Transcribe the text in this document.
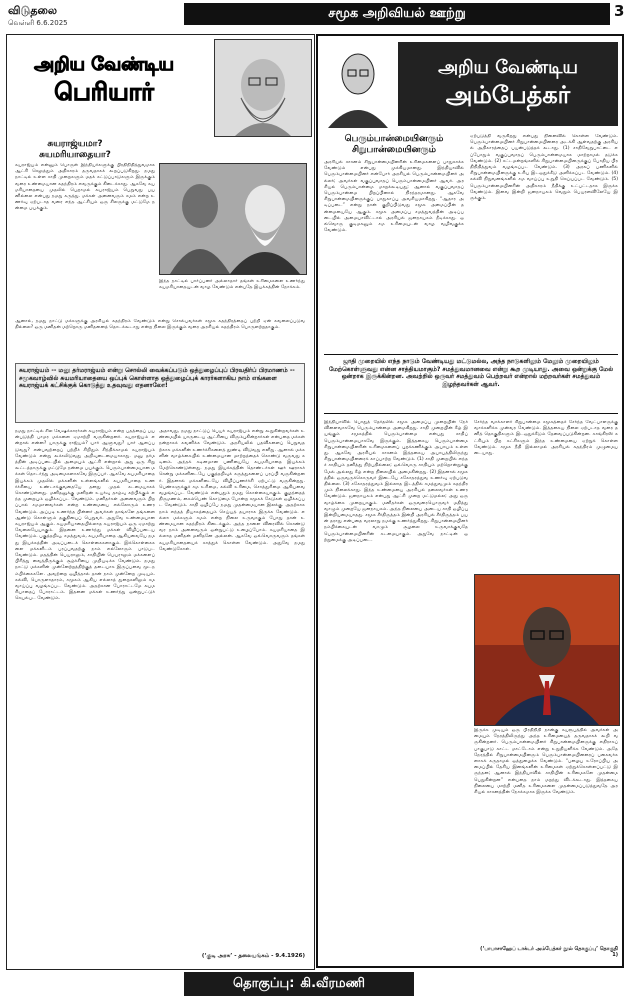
விடுதலை
வெள்ளி 6.6.2025
சமூக அறிவியல் ஊற்று	3
அறிய வேண்டிய
பெரியார்
சுயராஜ்யமா? சுயமரியாதையா?
சுயராஜ்யம் என்னும் பொருள் இந்தியர்களுக்கு பிரதிநிதித்துவமாக ஆட்சி செலுத்தும் அதிகாரம் தருவதாகக் கூறப்படுகிறது. நமது நாட்டில் உள்ள சாதி முறைகளும் மதக் கட்டுப்பாடுகளும் இருக்கும் வரை உண்மையான சுதந்திரம் எவருக்கும் கிடைக்காது. ஆகவே சுயமரியாதையை முதலில் பெறாமல் சுயராஜ்யம் பெறுவது பயனில்லை என்பது நமது கருத்து. மக்கள் அனைவரும் சமம் என்ற உணர்வு ஏற்படாத வரை எந்த ஆட்சியும் ஒரு சிலருக்கு மட்டுமே நன்மை பயக்கும்.
இந்த நாட்டில் பார்ப்பனர் அல்லாதார் தங்கள் உரிமைகளை உணர்ந்து சுயமரியாதையுடன் வாழ வேண்டும் என்பதே இயக்கத்தின் நோக்கம்.
ஆனால், நமது நாட்டு மக்களுக்கு அரசியல் சுதந்திரம் வேண்டும் என்று சொல்பவர்கள் சமூக சுதந்திரத்தைப் பற்றி ஏன் கவலைப்படுவதில்லை? ஒரு மனிதன் மற்றொரு மனிதனைத் தொடக்கூடாது என்ற நிலை இருக்கும் வரை அரசியல் சுதந்திரம் பொருளற்றதாகும்.
சுயராஜ்யம் -- மனு தர்மராஜ்யம் என்று சொல்லி வைக்கப்படும் ஒத்துழைப்புப் பிரவதிர்ப் பிரமாணம் -- சமூகவாழ்வில் சுயமரியாதையை ஒப்புக் கொள்ளாத ஒத்துழைப்புக் காரர்களாகிய நாம் எங்களை சுயராஜ்யக் கட்சிக்குக் கொடுத்து உதவுவது எதனாலோ!
நமது நாட்டில் சில வேஷக்காரர்கள் சுயராஜ்யம் என்ற பதத்தைப் பயன்படுத்தி பாமர மக்களை ஏமாற்றி வருகின்றனர். சுயராஜ்யம் என்றால் என்ன? யாருக்கு ராஜ்யம்? யார் ஆளுவது? யார் ஆளப்படுவது? என்பவற்றைப் பற்றிச் சிறிதும் சிந்திக்காமல் சுயராஜ்யம் வேண்டும் என்று கூச்சலிடுவது அறிவுடைமையாகாது. மனு தர்மத்தின் அடிப்படையில் அமையும் ஆட்சி என்றால் அது ஒரு சிறு கூட்டத்தாருக்கு மட்டுமே நன்மை பயக்கும். பெரும்பான்மையான மக்கள் தொடர்ந்து அடிமைகளாகவே இருப்பர். ஆகவே சுயமரியாதை இயக்கம் முதலில் மக்களின் உள்ளங்களில் சுயமரியாதை உணர்ச்சியை உண்டாக்குவதையே தனது முதல் கடமையாகக் கொண்டுள்ளது. மனிதனுக்கு மனிதன் உயர்வு தாழ்வு கற்பிக்கும் எந்த முறையும் ஒழிக்கப்பட வேண்டும். மனிதர்கள் அனைவரும் பிறப்பால் சமமானவர்கள் என்ற உண்மையை எல்லோரும் உணர வேண்டும். அப்படி உணர்ந்த பின்னர் அவர்கள் தாங்களே தங்களை ஆண்டு கொள்ளும் தகுதியைப் பெறுவர். அதுவே உண்மையான சுயராஜ்யம் ஆகும். சுயமரியாதையில்லாத சுயராஜ்யம் ஒரு ஏமாற்று வேலையேயாகும். இதனை உணர்ந்து மக்கள் விழிப்படைய வேண்டும். பகுத்தறிவு, சமத்துவம், சுயமரியாதை ஆகியவையே நமது இயக்கத்தின் அடிப்படைக் கொள்கைகளாகும். இக்கொள்கைகளை மக்களிடம் பரப்புவதற்கு நாம் எல்லோரும் பாடுபட வேண்டும். மதத்தின் பெயராலும், சாதியின் பெயராலும் மக்களைப் பிரித்து வைத்திருக்கும் சூழ்ச்சியை முறியடிக்க வேண்டும். நமது நாட்டு மக்களின் முன்னேற்றத்திற்குத் தடையாக இருப்பவை மூடநம்பிக்கைகளே. அவற்றை ஒழித்தால் தான் நாம் முன்னேற முடியும். கல்வி, பொருளாதாரம், சமூகம் ஆகிய எல்லாத் துறைகளிலும் சம வாய்ப்பு வழங்கப்பட வேண்டும். அதற்கான போராட்டமே சுயமரியாதைப் போராட்டம். இதனை மக்கள் உணர்ந்து ஒன்றுபட்டுச் செயல்பட வேண்டும்.
அதாவது, நமது நாட்டுப் பெயர் சுயராஜ்யம் என்று கூறுகின்றவர்கள் உண்மையில் யாருடைய ஆட்சியை விரும்புகின்றார்கள் என்பதை மக்கள் நன்றாகக் கவனிக்க வேண்டும். அரசியலில் பதவிகளைப் பெறுவதற்காக மக்களின் உணர்ச்சிகளைத் தூண்டி விடுவது எளிது. ஆனால் மக்களின் வாழ்க்கையில் உண்மையான மாற்றத்தைக் கொண்டு வருவது கடினம். அந்தக் கடினமான பணியையே சுயமரியாதை இயக்கம் மேற்கொண்டுள்ளது. நமது இயக்கத்தின் தொண்டர்கள் ஊர் ஊராகச் சென்று மக்களிடையே பகுத்தறிவுக் கருத்துகளைப் பரப்பி வருகின்றனர். இதனால் மக்களிடையே விழிப்புணர்ச்சி ஏற்பட்டு வருகின்றது. பெண்களுக்குச் சம உரிமை, கல்வி உரிமை, சொத்துரிமை ஆகியவை வழங்கப்பட வேண்டும் என்பதும் நமது கொள்கையாகும். குழந்தைத் திருமணம், கைம்பெண் கொடுமை போன்ற சமூகக் கேடுகள் ஒழிக்கப்பட வேண்டும். சாதி ஒழிப்பே நமது முதன்மையான இலக்கு. அதற்காக நாம் எந்தத் தியாகத்தையும் செய்யத் தயாராக இருக்க வேண்டும். எல்லா மக்களும் சமம் என்ற நிலை உருவாகும் போது தான் உண்மையான சுதந்திரம் கிடைக்கும். அந்த நாளை விரைவில் கொண்டு வர நாம் அனைவரும் ஒன்றுபட்டு உழைப்போம். சுயமரியாதை இல்லாத மனிதன் மனிதனே அல்லன். ஆகவே ஒவ்வொருவரும் தங்கள் சுயமரியாதையைக் காத்துக் கொள்ள வேண்டும். அதுவே நமது வேண்டுகோள்.
(‘குடி அரசு’ - தலையங்கம் - 9.4.1926)
அறிய வேண்டிய
அம்பேத்கர்
பெரும்பான்மையினரும்
சிறுபான்மையினரும்
அரசியல் சாசனம் சிறுபான்மையினரின் உரிமைகளைப் பாதுகாக்க வேண்டும் என்பது முக்கியமானது. இந்தியாவில் பெரும்பான்மையினர் என்போர் அரசியல் பெரும்பான்மையினர் அல்லர்; அவர்கள் வகுப்புவாதப் பெரும்பான்மையினர் ஆவர். அரசியல் பெரும்பான்மை மாறக்கூடியது; ஆனால் வகுப்புவாதப் பெரும்பான்மை பிறப்பினால் நிரந்தரமானது. ஆகவே சிறுபான்மையினருக்குப் பாதுகாப்பு அவசியமாகிறது. “ஆதார அடிப்படை” என்று நான் குறிப்பிடுவது சமூக அமைப்பின் தன்மையையே ஆகும். சமூக அமைப்பு சமத்துவத்தின் அடிப்படையில் அமையாவிட்டால் அரசியல் ஜனநாயகம் நீடிக்காது. ஒவ்வொரு குடிமகனும் சம உரிமையுடன் வாழ வழிவகுக்க வேண்டும்.
ஏற்படுத்தி வருகிறது என்பது நினைவில் கொள்ள வேண்டும். பெரும்பான்மையினர் சிறுபான்மையினரை அடக்கி ஆள்வதற்கு அரசியல் அதிகாரத்தைப் பயன்படுத்தக் கூடாது. (1) சாதிவேறுபாட்டை எப்போதும் வகுப்புவாதப் பெரும்பான்மையாக மாற்றாமல் தடுக்க வேண்டும். (2) சட்டமன்றங்களில் சிறுபான்மையினருக்குப் போதிய பிரதிநிதித்துவம் வழங்கப்பட வேண்டும். (3) அரசுப் பணிகளில் சிறுபான்மையினருக்கு உரிய இடஒதுக்கீடு அளிக்கப்பட வேண்டும். (4) கல்வி நிறுவனங்களில் சம வாய்ப்பு உறுதி செய்யப்பட வேண்டும். (5) பெரும்பான்மையினரின் அதிகாரம் நீதிக்கு உட்பட்டதாக இருக்க வேண்டும். இவை இன்றி ஜனநாயகம் வெறும் பெயரளவிலேயே இருக்கும்.
ஜாதி முறையில் எந்த நாடும் வேண்டியது மட்டுமல்ல, அந்த நாடுகளிலும் மேலும் முறையிலும் மேற்கொள்ளுவது என்ன சாத்தியமாகும்? சமத்துவமானவை என்று கூற முடியாது. அவை ஒன்றுக்கு மேல் ஒன்றாக இருக்கின்றன. அவற்றில் ஒருவர் சமத்துவம் பெற்றவர் என்றால் மற்றவர்கள் சமத்துவம் இழந்தவர்கள் ஆவர்.
இந்தியாவில் பொதுத் தேர்தலில் சமூக அமைப்பு முறையின் நேர் விளைவாகவே பெரும்பான்மை அமைகிறது. சாதி முறையின் கீழ் இயங்கும் சமூகத்தில் பெரும்பான்மை என்பது சாதிப் பெரும்பான்மையாகவே இருக்கும். இத்தகைய பெரும்பான்மை சிறுபான்மையினரின் உரிமைகளைப் புறக்கணிக்கும் அபாயம் உள்ளது. ஆகவே அரசியல் சாசனம் இத்தகைய அபாயத்திலிருந்து சிறுபான்மையினரைக் காப்பாற்ற வேண்டும். (1) சாதி முறையில் எந்தச் சாதியும் தனித்து நிற்பதில்லை; ஒவ்வொரு சாதியும் மற்றொன்றுக்கு மேல் அல்லது கீழ் என்ற நிலையில் அமைகின்றது. (2) இதனால் சமூகத்தில் ஒருவருக்கொருவர் இடையே சகோதரத்துவ உணர்வு ஏற்படுவதில்லை. (3) சகோதரத்துவம் இல்லாத இடத்தில் சமத்துவமும் சுதந்திரமும் நிலைக்காது. இந்த உண்மையை அரசியல் தலைவர்கள் உணர வேண்டும். ஜனநாயகம் என்பது ஆட்சி முறை மட்டுமல்ல; அது ஒரு வாழ்க்கை முறையாகும். மனிதர்கள் ஒருவரையொருவர் மதித்து வாழும் முறையே ஜனநாயகம். அந்த நிலையை அடைய சாதி ஒழிப்பு இன்றியமையாதது. சமூக சீர்திருத்தம் இன்றி அரசியல் சீர்திருத்தம் பயன் தராது என்பதை வரலாறு நமக்கு உணர்த்துகிறது. சிறுபான்மையினர் நம்பிக்கையுடன் வாழும் சூழலை உருவாக்குவதே பெரும்பான்மையினரின் கடமையாகும். அதுவே நாட்டின் ஒற்றுமைக்கு அடிப்படை.
சேர்ந்த வாக்காளர் சிறுபான்மை சமூகத்தைச் சேர்ந்த வேட்பாளருக்கு வாக்களிக்க முன்வர வேண்டும். இத்தகைய நிலை ஏற்படாத வரை தனித் தொகுதிகளும் இடஒதுக்கீடும் தேவைப்படுகின்றன. காங்கிரஸ் கட்சியும் பிற கட்சிகளும் இந்த உண்மையை ஏற்றுக் கொள்ள வேண்டும். சமூக நீதி இல்லாமல் அரசியல் சுதந்திரம் முழுமையடையாது.
இருக்க முடியும் ஒரு பிரதிநிதி நான்கு சுயரூபத்தில் அவர்கள் அமையும் நேரத்திலிருந்து அந்த உரிமையைத் தருவதாகக் கூறி வருகின்றனர். பெரும்பான்மையினர் சிறுபான்மையினருக்கு எதிராகப் பாகுபாடு காட்ட மாட்டோம் என்று உறுதியளிக்க வேண்டும். அதே நேரத்தில் சிறுபான்மையினரும் பெரும்பான்மையினரைப் பகைவர்களாகக் கருதாமல் ஒத்துழைக்க வேண்டும். “பழைய உரோப்பிய அமைப்பில் தேசிய இனங்களின் உரிமைகள் ஏற்றுக்கொள்ளப்பட்டு இருந்தன; ஆனால் இந்தியாவில் சாதியின் உரிமைகளே முதன்மை பெறுகின்றன” என்பதை நாம் மறந்து விடக்கூடாது. இத்தகைய நிலையை மாற்றி மனித உரிமைகளை முதன்மைப்படுத்துவதே அரசியல் சாசனத்தின் நோக்கமாக இருக்க வேண்டும்.
(‘பாபாசாஹேப் டாக்டர் அம்பேத்கர் நூல் தொகுப்பு’ தொகுதி 1)
தொகுப்பு: கி.வீரமணி
